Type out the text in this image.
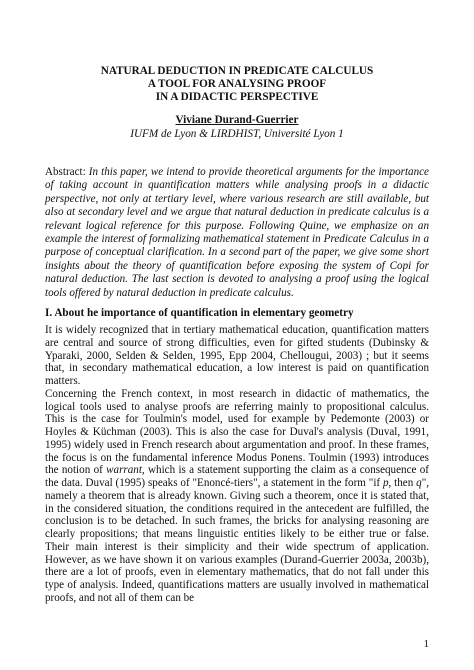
NATURAL DEDUCTION IN PREDICATE CALCULUS
A TOOL FOR ANALYSING PROOF
IN A DIDACTIC PERSPECTIVE
Viviane Durand-Guerrier
IUFM de Lyon & LIRDHIST, Université Lyon 1
Abstract: In this paper, we intend to provide theoretical arguments for the importance of taking account in quantification matters while analysing proofs in a didactic perspective, not only at tertiary level, where various research are still available, but also at secondary level and we argue that natural deduction in predicate calculus is a relevant logical reference for this purpose. Following Quine, we emphasize on an example the interest of formalizing mathematical statement in Predicate Calculus in a purpose of conceptual clarification. In a second part of the paper, we give some short insights about the theory of quantification before exposing the system of Copi for natural deduction. The last section is devoted to analysing a proof using the logical tools offered by natural deduction in predicate calculus.
I. About he importance of quantification in elementary geometry

It is widely recognized that in tertiary mathematical education, quantification matters are central and source of strong difficulties, even for gifted students (Dubinsky & Yparaki, 2000, Selden & Selden, 1995, Epp 2004, Chellougui, 2003) ; but it seems that, in secondary mathematical education, a low interest is paid on quantification matters.

Concerning the French context, in most research in didactic of mathematics, the logical tools used to analyse proofs are referring mainly to propositional calculus. This is the case for Toulmin's model, used for example by Pedemonte (2003) or Hoyles & Küchman (2003). This is also the case for Duval's analysis (Duval, 1991, 1995) widely used in French research about argumentation and proof. In these frames, the focus is on the fundamental inference Modus Ponens. Toulmin (1993) introduces the notion of warrant, which is a statement supporting the claim as a consequence of the data. Duval (1995) speaks of "Enoncé-tiers", a statement in the form "if p, then q", namely a theorem that is already known. Giving such a theorem, once it is stated that, in the considered situation, the conditions required in the antecedent are fulfilled, the conclusion is to be detached. In such frames, the bricks for analysing reasoning are clearly propositions; that means linguistic entities likely to be either true or false. Their main interest is their simplicity and their wide spectrum of application. However, as we have shown it on various examples (Durand-Guerrier 2003a, 2003b), there are a lot of proofs, even in elementary mathematics, that do not fall under this type of analysis. Indeed, quantifications matters are usually involved in mathematical proofs, and not all of them can be

1
